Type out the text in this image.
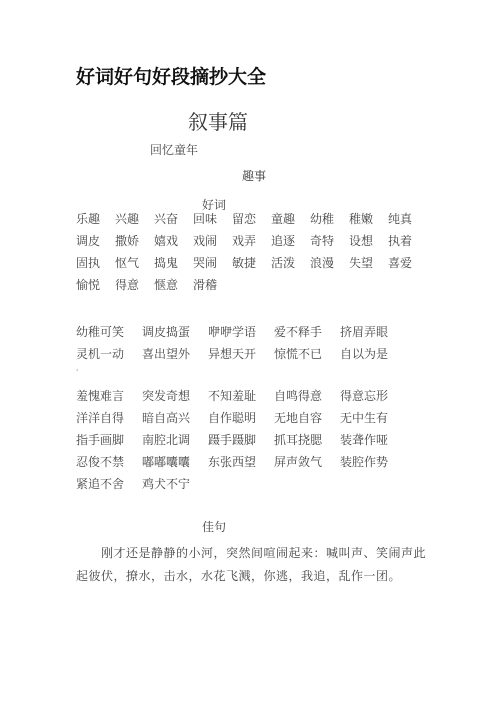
好词好句好段摘抄大全
叙事篇
回忆童年
趣事
好词
乐趣	兴趣	兴奋	回味	留恋	童趣	幼稚	稚嫩	纯真
调皮	撒娇	嬉戏	戏闹	戏弄	追逐	奇特	设想	执着
固执	怄气	捣鬼	哭闹	敏捷	活泼	浪漫	失望	喜爱
愉悦	得意	惬意	滑稽
幼稚可笑	调皮捣蛋	咿咿学语	爱不释手	挤眉弄眼
灵机一动	喜出望外	异想天开	惊慌不已	自以为是
'
羞愧难言	突发奇想	不知羞耻	自鸣得意	得意忘形
洋洋自得	暗自高兴	自作聪明	无地自容	无中生有
指手画脚	南腔北调	蹑手蹑脚	抓耳挠腮	装聋作哑
忍俊不禁	嘟嘟囔囔	东张西望	屏声敛气	装腔作势
紧追不舍	鸡犬不宁
佳句
刚才还是静静的小河，突然间喧闹起来：喊叫声、笑闹声此起彼伏，撩水，击水，水花飞溅，你逃，我追，乱作一团。
